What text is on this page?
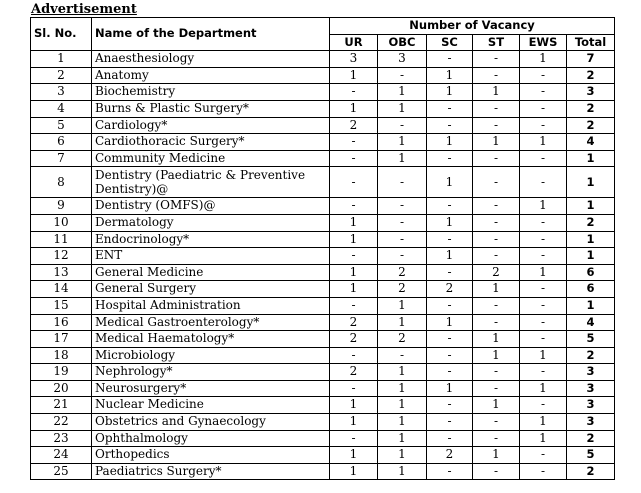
Advertisement
Sl. No.	Name of the Department	Number of Vacancy					
		UR	OBC	SC	ST	EWS	Total
1	Anaesthesiology	3	3	-	-	1	7
2	Anatomy	1	-	1	-	-	2
3	Biochemistry	-	1	1	1	-	3
4	Burns & Plastic Surgery*	1	1	-	-	-	2
5	Cardiology*	2	-	-	-	-	2
6	Cardiothoracic Surgery*	-	1	1	1	1	4
7	Community Medicine	-	1	-	-	-	1
8	Dentistry (Paediatric & Preventive Dentistry)@	-	-	1	-	-	1
9	Dentistry (OMFS)@	-	-	-	-	1	1
10	Dermatology	1	-	1	-	-	2
11	Endocrinology*	1	-	-	-	-	1
12	ENT	-	-	1	-	-	1
13	General Medicine	1	2	-	2	1	6
14	General Surgery	1	2	2	1	-	6
15	Hospital Administration	-	1	-	-	-	1
16	Medical Gastroenterology*	2	1	1	-	-	4
17	Medical Haematology*	2	2	-	1	-	5
18	Microbiology	-	-	-	1	1	2
19	Nephrology*	2	1	-	-	-	3
20	Neurosurgery*	-	1	1	-	1	3
21	Nuclear Medicine	1	1	-	1	-	3
22	Obstetrics and Gynaecology	1	1	-	-	1	3
23	Ophthalmology	-	1	-	-	1	2
24	Orthopedics	1	1	2	1	-	5
25	Paediatrics Surgery*	1	1	-	-	-	2
